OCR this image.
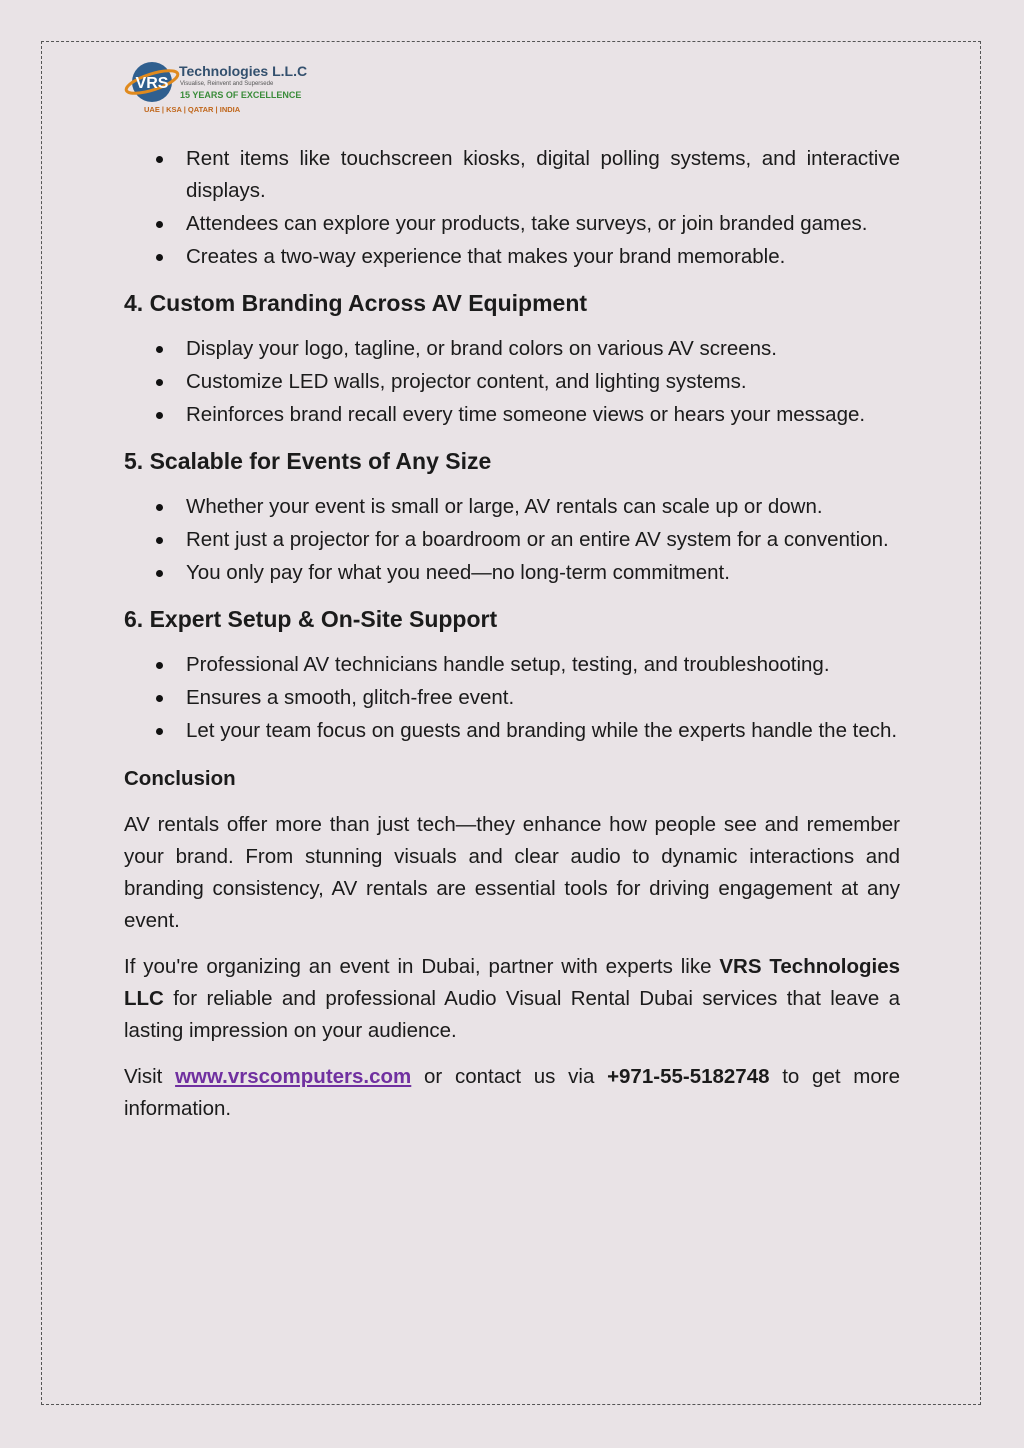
VRS
Technologies L.L.C
Visualise, Reinvent and Supersede
15 YEARS OF EXCELLENCE
UAE | KSA | QATAR | INDIA
Rent items like touchscreen kiosks, digital polling systems, and interactive displays.
Attendees can explore your products, take surveys, or join branded games.
Creates a two-way experience that makes your brand memorable.
4. Custom Branding Across AV Equipment
Display your logo, tagline, or brand colors on various AV screens.
Customize LED walls, projector content, and lighting systems.
Reinforces brand recall every time someone views or hears your message.
5. Scalable for Events of Any Size
Whether your event is small or large, AV rentals can scale up or down.
Rent just a projector for a boardroom or an entire AV system for a convention.
You only pay for what you need—no long-term commitment.
6. Expert Setup & On-Site Support
Professional AV technicians handle setup, testing, and troubleshooting.
Ensures a smooth, glitch-free event.
Let your team focus on guests and branding while the experts handle the tech.
Conclusion

AV rentals offer more than just tech—they enhance how people see and remember your brand. From stunning visuals and clear audio to dynamic interactions and branding consistency, AV rentals are essential tools for driving engagement at any event.

If you're organizing an event in Dubai, partner with experts like VRS Technologies LLC for reliable and professional Audio Visual Rental Dubai services that leave a lasting impression on your audience.

Visit www.vrscomputers.com or contact us via +971-55-5182748 to get more information.
